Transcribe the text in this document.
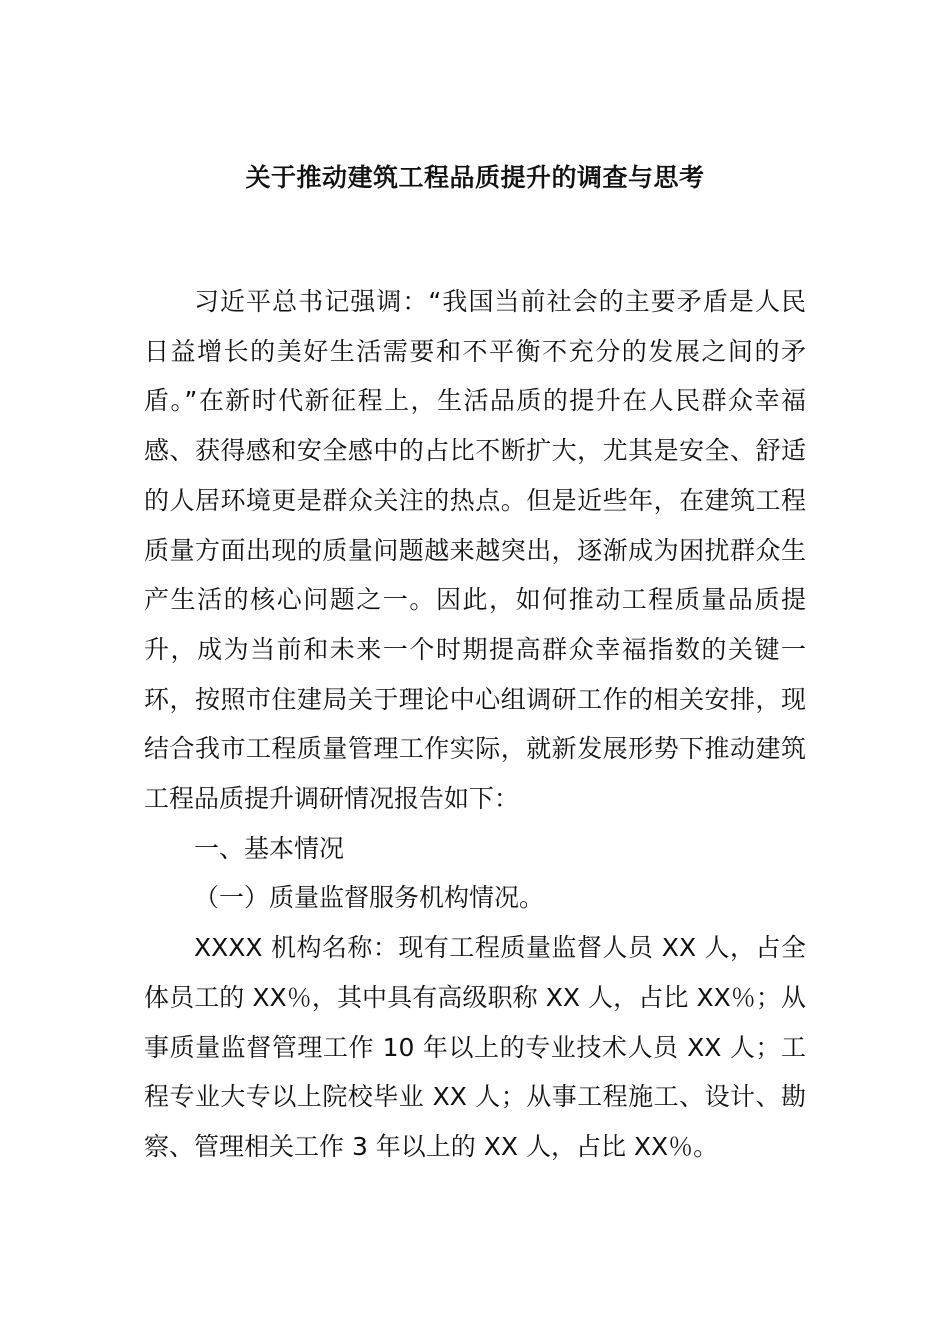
关于推动建筑工程品质提升的调查与思考

习近平总书记强调：“我国当前社会的主要矛盾是人民日益增长的美好生活需要和不平衡不充分的发展之间的矛盾。”在新时代新征程上，生活品质的提升在人民群众幸福感、获得感和安全感中的占比不断扩大，尤其是安全、舒适的人居环境更是群众关注的热点。但是近些年，在建筑工程质量方面出现的质量问题越来越突出，逐渐成为困扰群众生产生活的核心问题之一。因此，如何推动工程质量品质提升，成为当前和未来一个时期提高群众幸福指数的关键一环，按照市住建局关于理论中心组调研工作的相关安排，现结合我市工程质量管理工作实际，就新发展形势下推动建筑工程品质提升调研情况报告如下：

一、基本情况

（一）质量监督服务机构情况。

XXXX 机构名称：现有工程质量监督人员 XX 人，占全体员工的 XX％，其中具有高级职称 XX 人，占比 XX％；从事质量监督管理工作 10 年以上的专业技术人员 XX 人；工程专业大专以上院校毕业 XX 人；从事工程施工、设计、勘察、管理相关工作 3 年以上的 XX 人，占比 XX％。
